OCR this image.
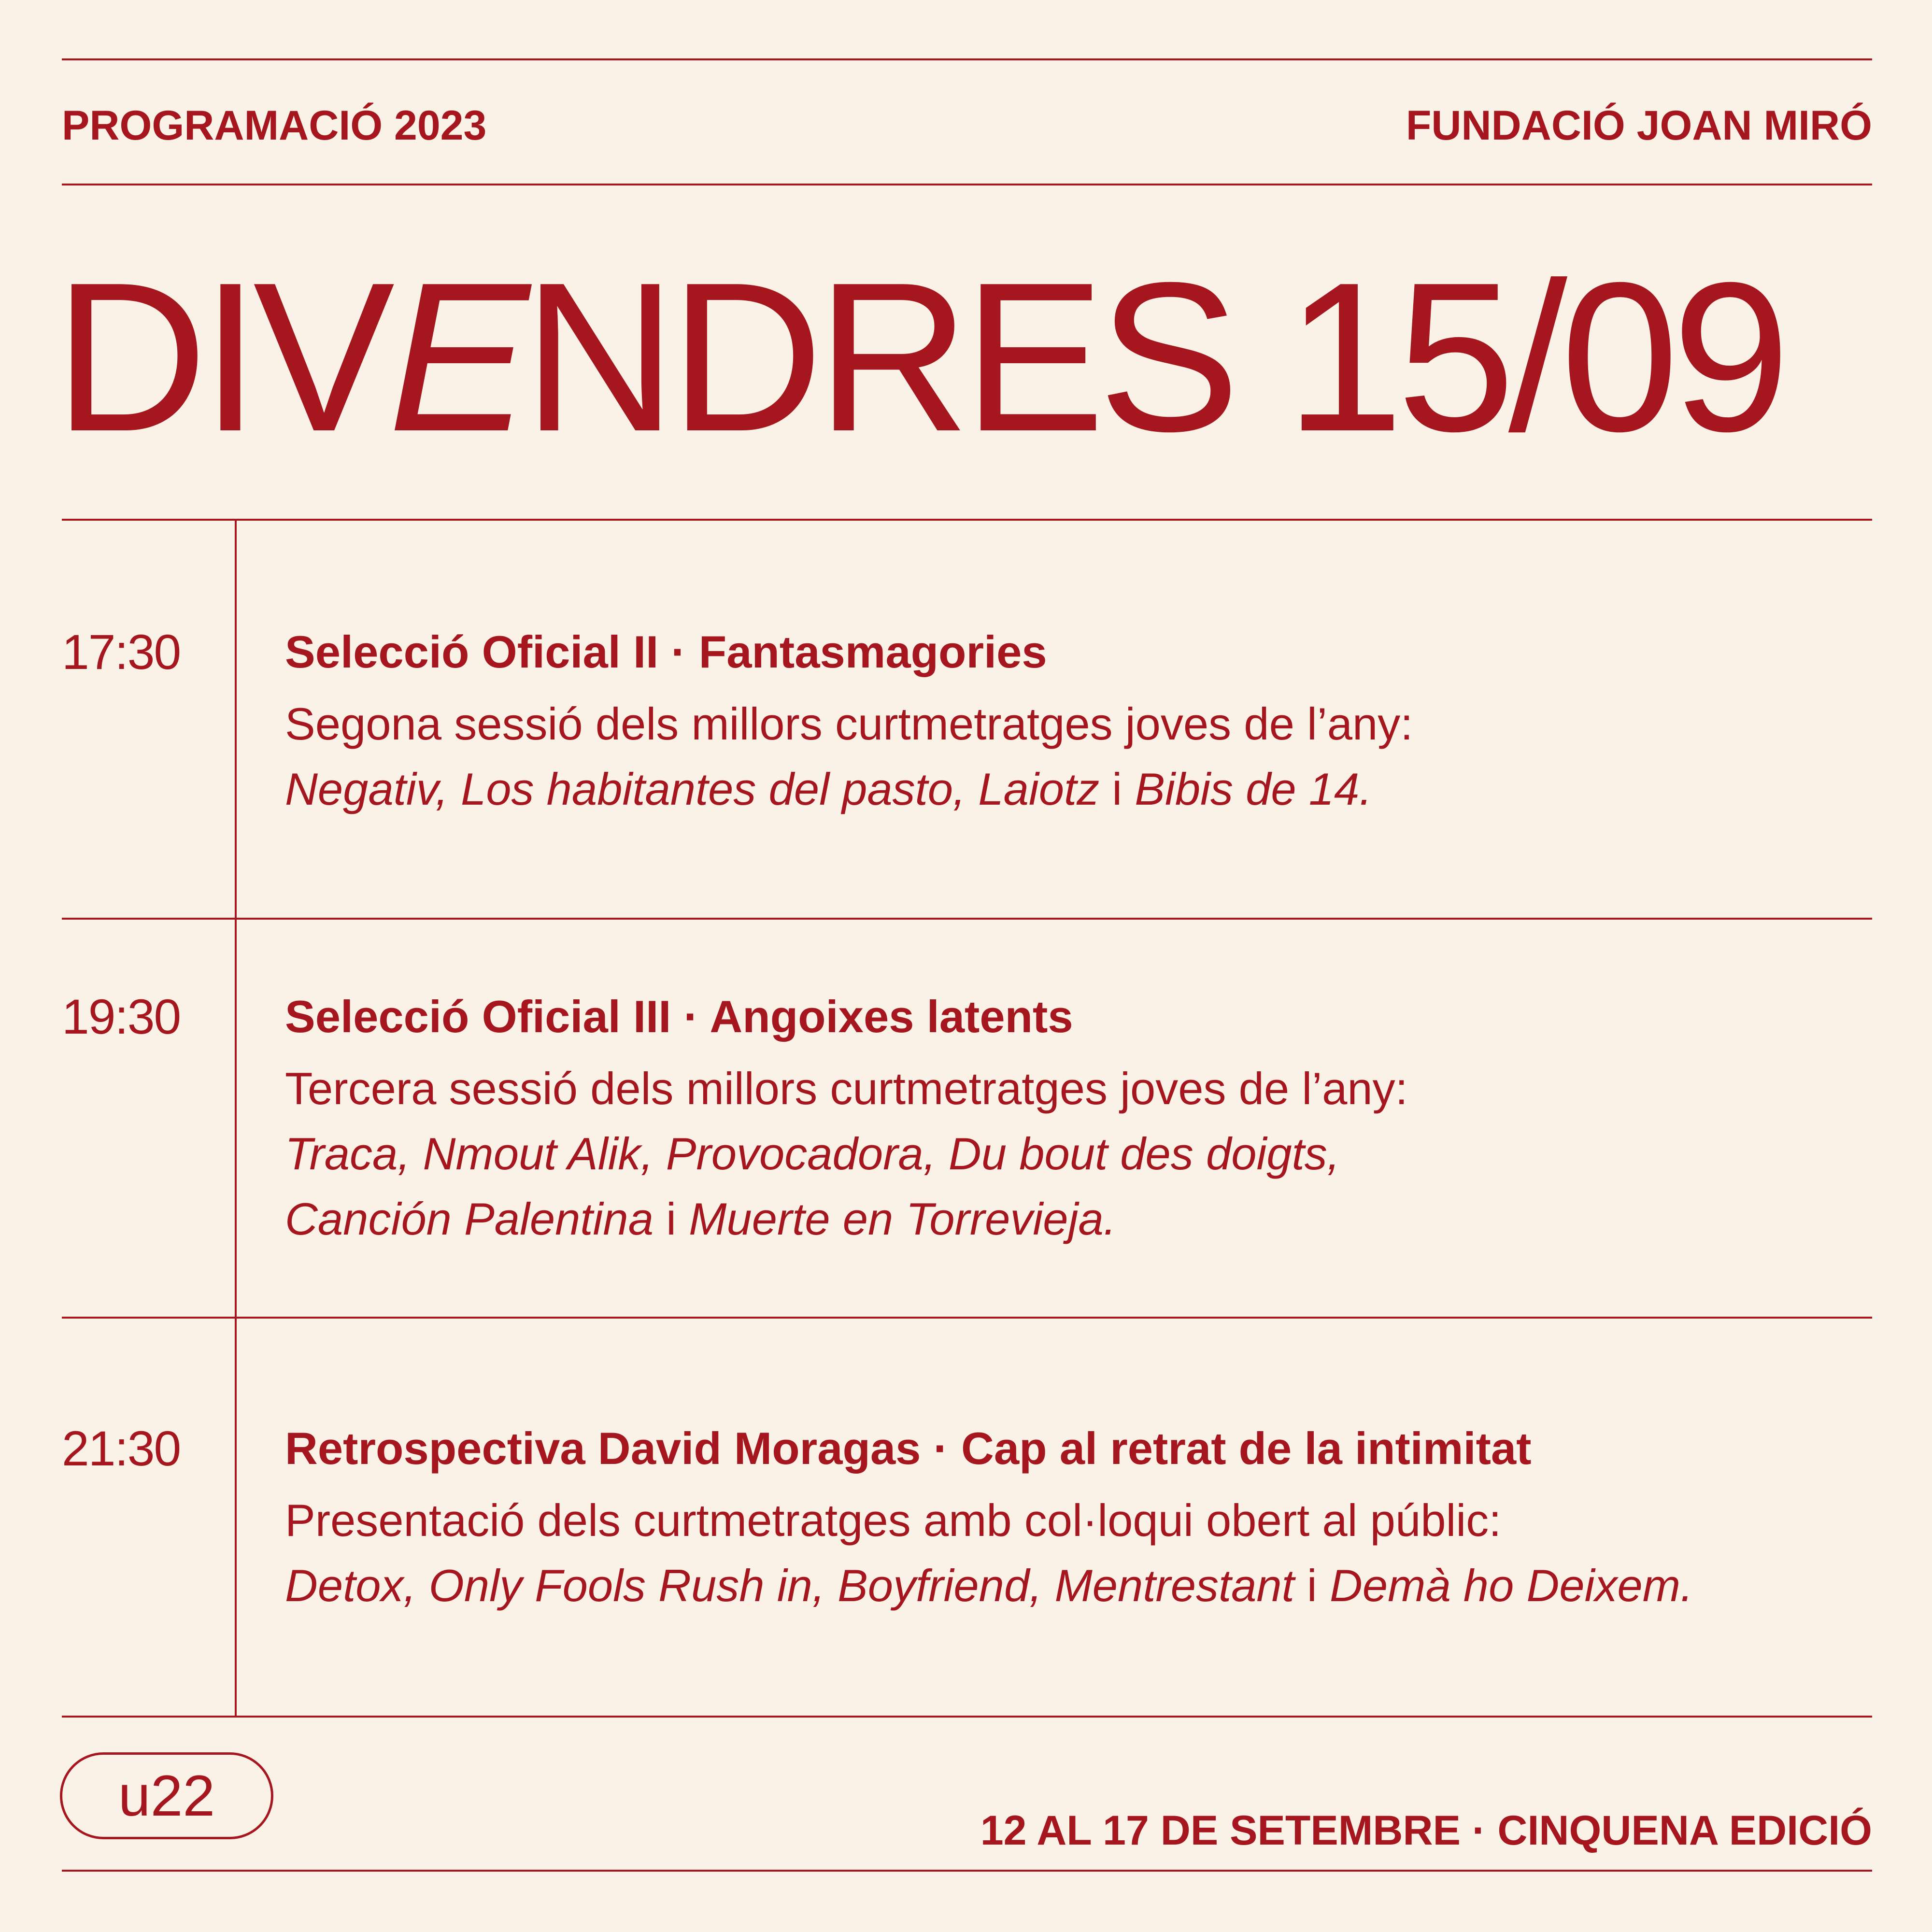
PROGRAMACIÓ 2023	FUNDACIÓ JOAN MIRÓ
DIVENDRES 15/09
17:30 Selecció Oficial II · Fantasmagories
Segona sessió dels millors curtmetratges joves de l’any:
Negativ, Los habitantes del pasto, Laiotz i Bibis de 14.
19:30 Selecció Oficial III · Angoixes latents
Tercera sessió dels millors curtmetratges joves de l’any:
Traca, Nmout Alik, Provocadora, Du bout des doigts,
Canción Palentina i Muerte en Torrevieja.
21:30 Retrospectiva David Moragas · Cap al retrat de la intimitat
Presentació dels curtmetratges amb col·loqui obert al públic:
Detox, Only Fools Rush in, Boyfriend, Mentrestant i Demà ho Deixem.
u22
12 AL 17 DE SETEMBRE · CINQUENA EDICIÓ
